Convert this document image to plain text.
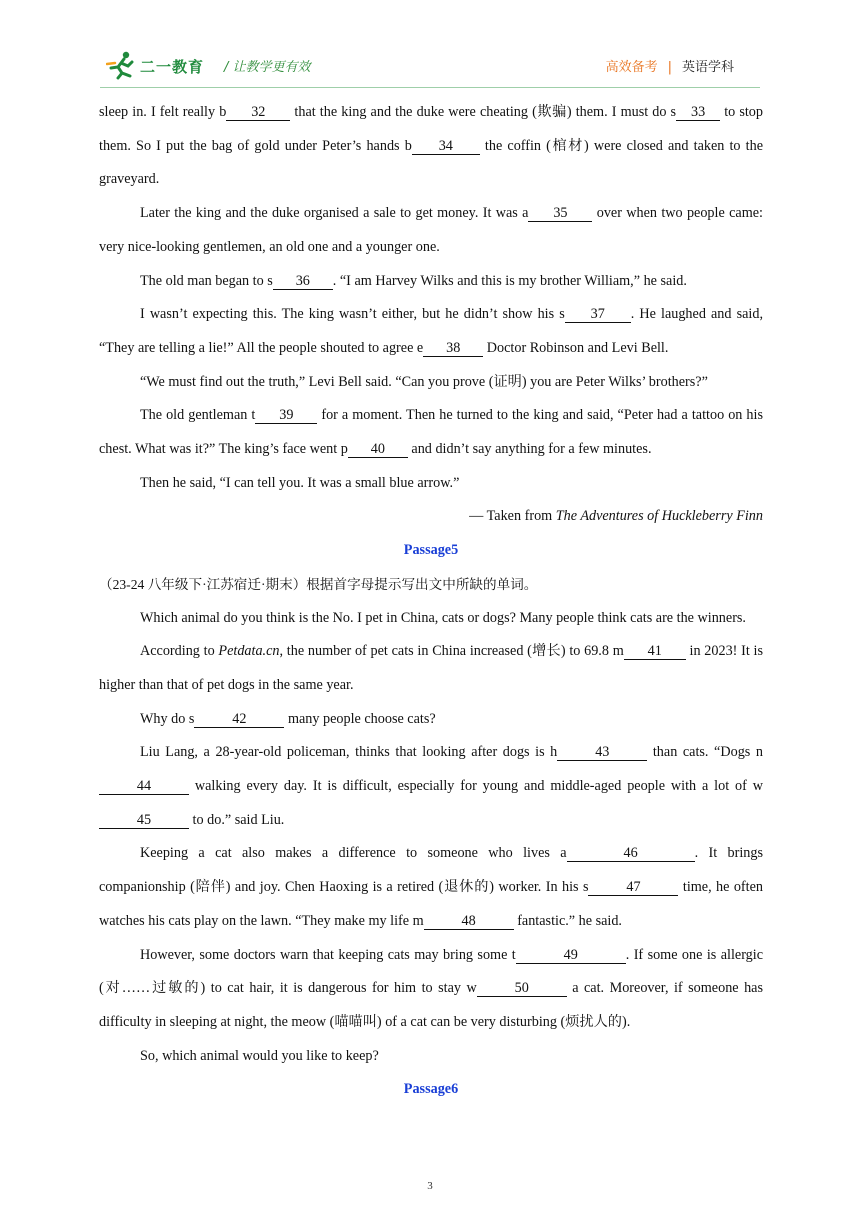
二一教育 / 让教学更有效	高效备考 | 英语学科

sleep in. I felt really b 32 that the king and the duke were cheating (欺骗) them. I must do s 33 to stop them. So I put the bag of gold under Peter’s hands b 34 the coffin (棺材) were closed and taken to the graveyard.

Later the king and the duke organised a sale to get money. It was a 35 over when two people came: very nice-looking gentlemen, an old one and a younger one.

The old man began to s 36 . “I am Harvey Wilks and this is my brother William,” he said.

I wasn’t expecting this. The king wasn’t either, but he didn’t show his s 37 . He laughed and said, “They are telling a lie!” All the people shouted to agree e 38 Doctor Robinson and Levi Bell.

“We must find out the truth,” Levi Bell said. “Can you prove (证明) you are Peter Wilks’ brothers?”

The old gentleman t 39 for a moment. Then he turned to the king and said, “Peter had a tattoo on his chest. What was it?” The king’s face went p 40 and didn’t say anything for a few minutes.

Then he said, “I can tell you. It was a small blue arrow.”

— Taken from The Adventures of Huckleberry Finn

Passage5

（23-24 八年级下·江苏宿迁·期末）根据首字母提示写出文中所缺的单词。

Which animal do you think is the No. I pet in China, cats or dogs? Many people think cats are the winners.

According to Petdata.cn, the number of pet cats in China increased (增长) to 69.8 m 41 in 2023! It is higher than that of pet dogs in the same year.

Why do s	42	many people choose cats?

Liu Lang, a 28-year-old policeman, thinks that looking after dogs is h	43	than cats. “Dogs n44	walking every day. It is difficult, especially for young and middle-aged people with a lot of w45	to do.” said Liu.

Keeping a cat also makes a difference to someone who lives a	46	. It brings companionship (陪伴) and joy. Chen Haoxing is a retired (退休的) worker. In his s	47	time, he often watches his cats play on the lawn. “They make my life m	48	fantastic.” he said.

However, some doctors warn that keeping cats may bring some t	49	. If some one is allergic (对……过敏的) to cat hair, it is dangerous for him to stay w	50	a cat. Moreover, if someone has difficulty in sleeping at night, the meow (喵喵叫) of a cat can be very disturbing (烦扰人的).

So, which animal would you like to keep?

Passage6

3
